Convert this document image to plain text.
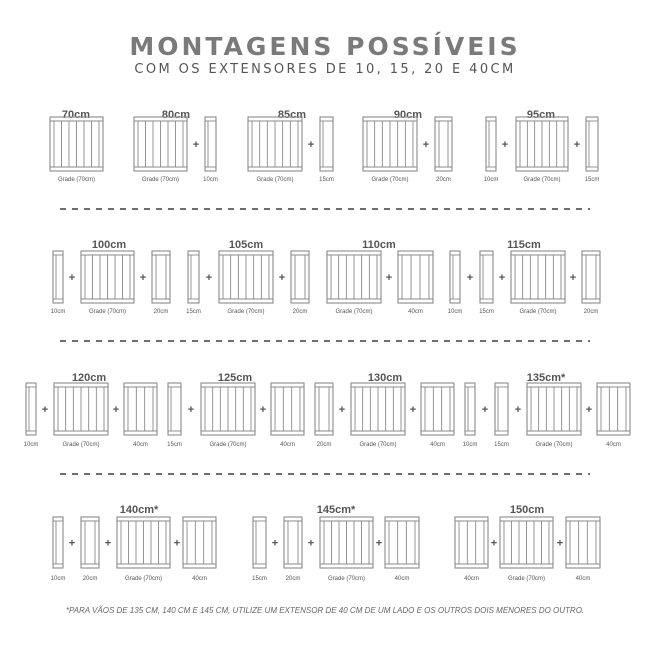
MONTAGENS POSSÍVEIS
COM OS EXTENSORES DE 10, 15, 20 E 40CM
70cm
Grade (70cm)
80cm
Grade (70cm)	10cm
+
85cm
Grade (70cm)	15cm
+
90cm
Grade (70cm)	20cm
+
95cm
10cm	Grade (70cm)	15cm
+	+
100cm
10cm	Grade (70cm)	20cm
+	+
105cm
15cm	Grade (70cm)	20cm
+	+
110cm
Grade (70cm)	40cm
+
115cm
10cm	15cm	Grade (70cm)	20cm
+ +	+
120cm
10cm	Grade (70cm)	40cm
+	+
125cm
15cm	Grade (70cm)	40cm
+	+
130cm
20cm	Grade (70cm)	40cm
+	+
135cm*
10cm	15cm	Grade (70cm)	40cm
+ +	+
140cm*
10cm	20cm	Grade (70cm)	40cm
+	+	+
145cm*
15cm	20cm	Grade (70cm)	40cm
+	+	+
150cm
40cm	Grade (70cm)	40cm
+	+
*PARA VÃOS DE 135 CM, 140 CM E 145 CM, UTILIZE UM EXTENSOR DE 40 CM DE UM LADO E OS OUTROS DOIS MENORES DO OUTRO.
